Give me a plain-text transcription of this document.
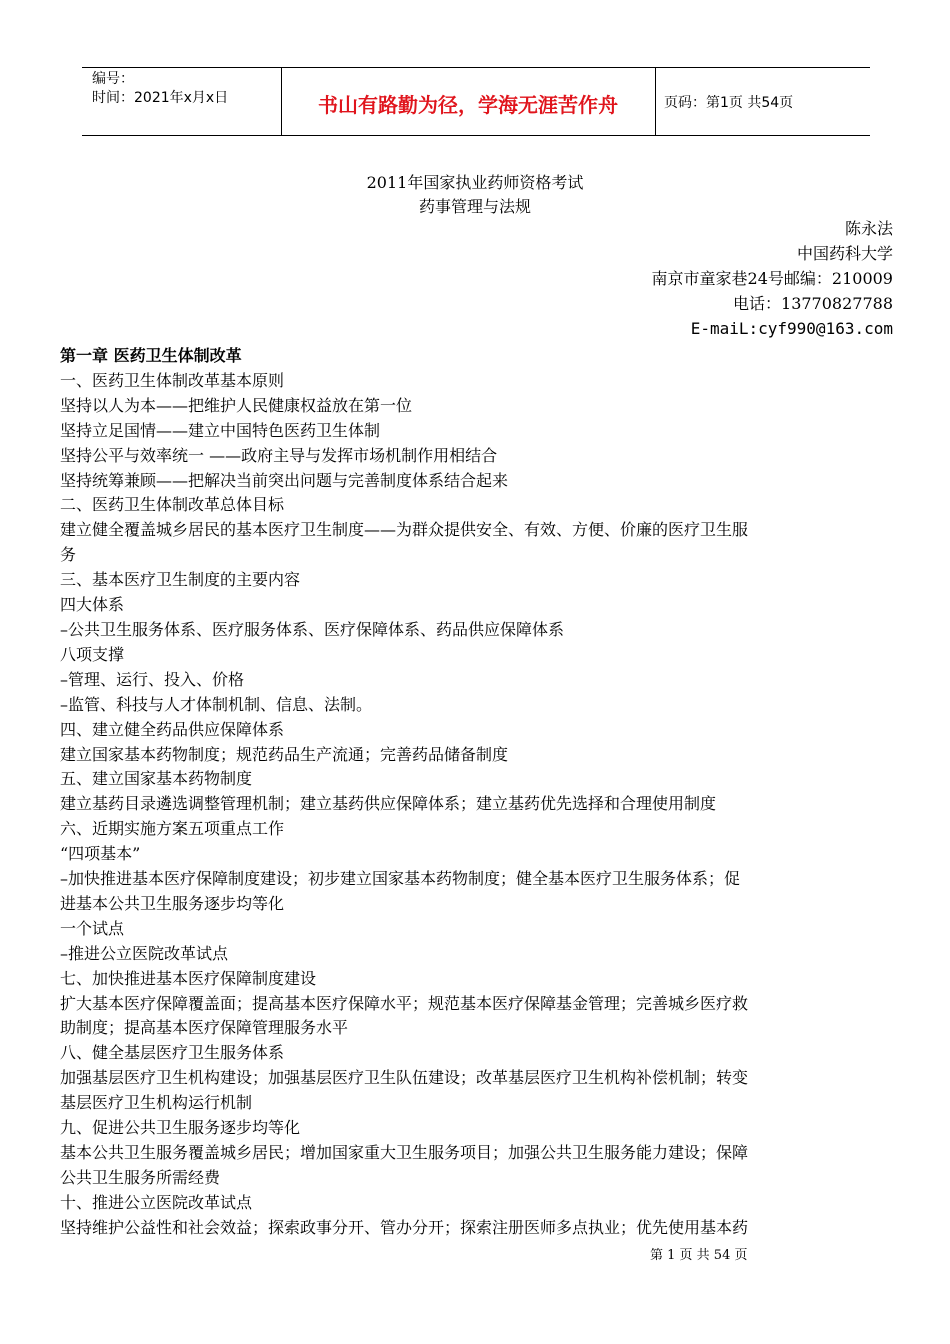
编号：
时间：2021年x月x日	书山有路勤为径，学海无涯苦作舟	页码：第1页 共54页
2011年国家执业药师资格考试
药事管理与法规
陈永法
中国药科大学
南京市童家巷24号邮编：210009
电话：13770827788
E-maiL:cyf990@163.com
第一章 医药卫生体制改革
一、医药卫生体制改革基本原则
坚持以人为本——把维护人民健康权益放在第一位
坚持立足国情——建立中国特色医药卫生体制
坚持公平与效率统一 ——政府主导与发挥市场机制作用相结合
坚持统筹兼顾——把解决当前突出问题与完善制度体系结合起来
二、医药卫生体制改革总体目标
建立健全覆盖城乡居民的基本医疗卫生制度——为群众提供安全、有效、方便、价廉的医疗卫生服
务
三、基本医疗卫生制度的主要内容
四大体系
–公共卫生服务体系、医疗服务体系、医疗保障体系、药品供应保障体系
八项支撑
–管理、运行、投入、价格
–监管、科技与人才体制机制、信息、法制。
四、建立健全药品供应保障体系
建立国家基本药物制度；规范药品生产流通；完善药品储备制度
五、建立国家基本药物制度
建立基药目录遴选调整管理机制；建立基药供应保障体系；建立基药优先选择和合理使用制度
六、近期实施方案五项重点工作
“四项基本”
–加快推进基本医疗保障制度建设；初步建立国家基本药物制度；健全基本医疗卫生服务体系；促
进基本公共卫生服务逐步均等化
一个试点
–推进公立医院改革试点
七、加快推进基本医疗保障制度建设
扩大基本医疗保障覆盖面；提高基本医疗保障水平；规范基本医疗保障基金管理；完善城乡医疗救
助制度；提高基本医疗保障管理服务水平
八、健全基层医疗卫生服务体系
加强基层医疗卫生机构建设；加强基层医疗卫生队伍建设；改革基层医疗卫生机构补偿机制；转变
基层医疗卫生机构运行机制
九、促进公共卫生服务逐步均等化
基本公共卫生服务覆盖城乡居民；增加国家重大卫生服务项目；加强公共卫生服务能力建设；保障
公共卫生服务所需经费
十、推进公立医院改革试点
坚持维护公益性和社会效益；探索政事分开、管办分开；探索注册医师多点执业；优先使用基本药
第 1 页 共 54 页
